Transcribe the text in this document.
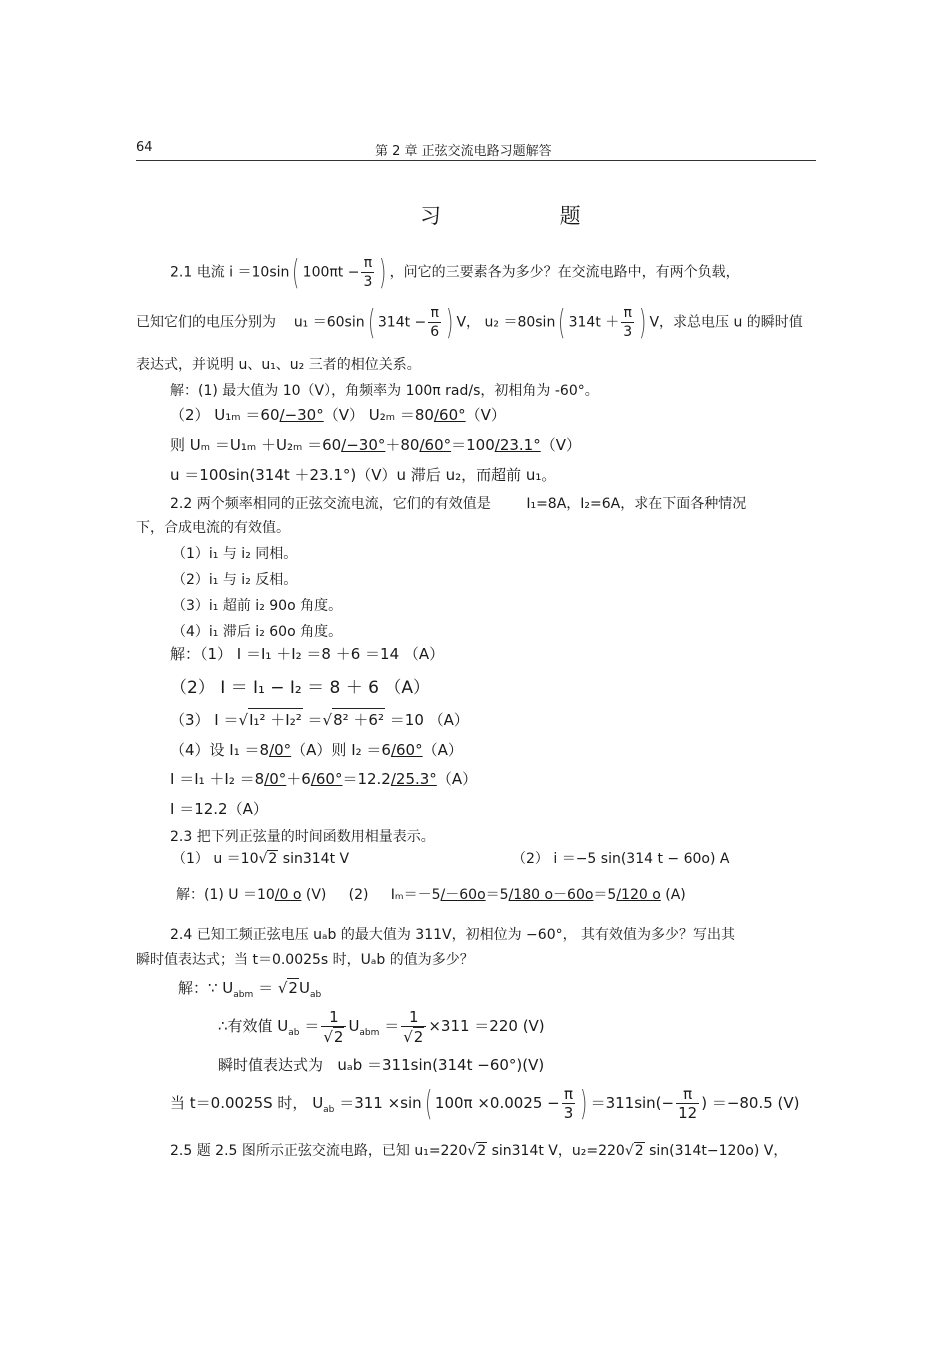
64	第 2 章 正弦交流电路习题解答
习 题
2.1 电流 i ＝10sin( $100\pi t - \frac{\pi}{3}$ ) ，问它的三要素各为多少？在交流电路中，有两个负载，
已知它们的电压分别为 u₁ ＝60sin( $314t - \frac{\pi}{6}$ ) V， u₂ ＝80sin( $314t + \frac{\pi}{3}$ ) V，求总电压 u 的瞬时值
表达式，并说明 u、u₁、u₂ 三者的相位关系。
解：(1) 最大值为 10（V），角频率为 100π rad/s，初相角为 -60°。
（2） U₁ₘ ＝60/−30°（V） U₂ₘ ＝80/60°（V）
则 Uₘ ＝U₁ₘ ＋U₂ₘ ＝60/−30°＋80/60°＝100/23.1°（V）
u ＝100sin(314t ＋23.1°)（V）u 滞后 u₂，而超前 u₁。
2.2 两个频率相同的正弦交流电流，它们的有效值是	I₁=8A，I₂=6A，求在下面各种情况
下，合成电流的有效值。
（1）i₁ 与 i₂ 同相。
（2）i₁ 与 i₂ 反相。
（3）i₁ 超前 i₂ 90o 角度。
（4）i₁ 滞后 i₂ 60o 角度。
解：（1） I ＝I₁ ＋I₂ ＝8 ＋6 ＝14 （A）
（2） I ＝ I₁ − I₂ ＝ 8 ＋ 6 （A）
（3） I ＝√I₁² ＋I₂² ＝√8² ＋6² ＝10 （A）
（4）设 I₁ ＝8/0°（A）则 I₂ ＝6/60°（A）
I ＝I₁ ＋I₂ ＝8/0°＋6/60°＝12.2/25.3°（A）
I ＝12.2（A）
2.3 把下列正弦量的时间函数用相量表示。
（1） u ＝10√2 sin314t V	（2） i ＝−5 sin(314 t − 60o) A
解：(1) U ＝10/0 o (V) (2) Iₘ＝－5/－60o＝5/180 o－60o＝5/120 o (A)
2.4 已知工频正弦电压 uₐb 的最大值为 311V，初相位为 −60°， 其有效值为多少？写出其
瞬时值表达式；当 t＝0.0025s 时，Uₐb 的值为多少？
解：∵ $U_{abm} = √2U_{ab}$
∴有效值 $U_{ab} = \frac{1}{√2} U_{abm} = \frac{1}{√2} \times 311 =220$ (V)
瞬时值表达式为 uₐb ＝311sin(314t −60°)(V)
当 t＝0.0025S 时， $U_{ab} =311 \times\sin$( $100\pi \times 0.0025 - \frac{\pi}{3}$ ) $=311\sin(- \frac{\pi}{12}$ ) ＝−80.5 (V)
2.5 题 2.5 图所示正弦交流电路，已知 u₁=220√2 sin314t V，u₂=220√2 sin(314t−120o) V，
